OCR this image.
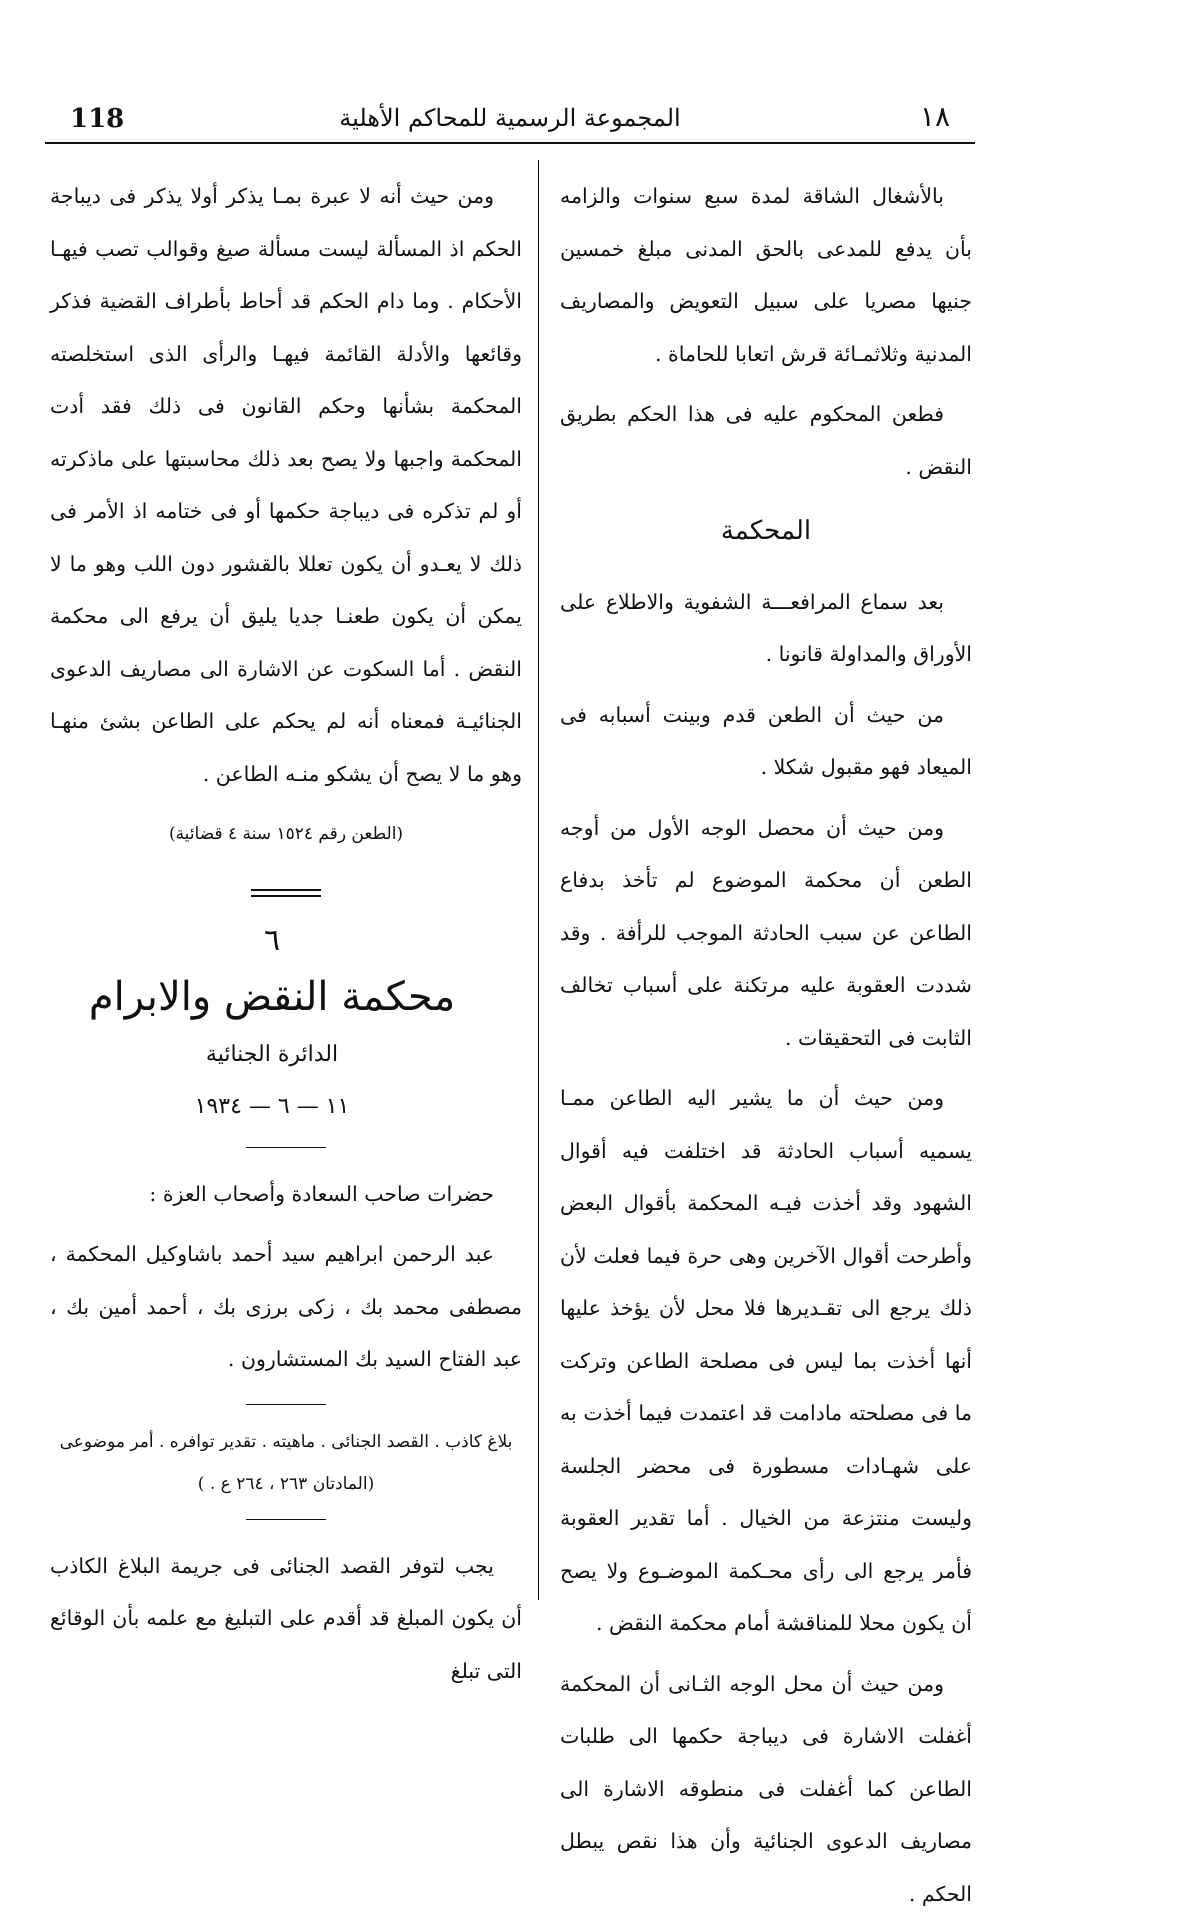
118	المجموعة الرسمية للمحاكم الأهلية	١٨

بالأشغال الشاقة لمدة سبع سنوات والزامه بأن يدفع للمدعى بالحق المدنى مبلغ خمسين جنيها مصريا على سبيل التعويض والمصاريف المدنية وثلاثمـائة قرش اتعابا للحاماة .

فطعن المحكوم عليه فى هذا الحكم بطريق النقض .

المحكمة

بعد سماع المرافعـــة الشفوية والاطلاع على الأوراق والمداولة قانونا .

من حيث أن الطعن قدم وبينت أسبابه فى الميعاد فهو مقبول شكلا .

ومن حيث أن محصل الوجه الأول من أوجه الطعن أن محكمة الموضوع لم تأخذ بدفاع الطاعن عن سبب الحادثة الموجب للرأفة . وقد شددت العقوبة عليه مرتكنة على أسباب تخالف الثابت فى التحقيقات .

ومن حيث أن ما يشير اليه الطاعن ممـا يسميه أسباب الحادثة قد اختلفت فيه أقوال الشهود وقد أخذت فيـه المحكمة بأقوال البعض وأطرحت أقوال الآخرين وهى حرة فيما فعلت لأن ذلك يرجع الى تقـديرها فلا محل لأن يؤخذ عليها أنها أخذت بما ليس فى مصلحة الطاعن وتركت ما فى مصلحته مادامت قد اعتمدت فيما أخذت به على شهـادات مسطورة فى محضر الجلسة وليست منتزعة من الخيال . أما تقدير العقوبة فأمر يرجع الى رأى محـكمة الموضـوع ولا يصح أن يكون محلا للمناقشة أمام محكمة النقض .

ومن حيث أن محل الوجه الثـانى أن المحكمة أغفلت الاشارة فى ديباجة حكمها الى طلبات الطاعن كما أغفلت فى منطوقه الاشارة الى مصاريف الدعوى الجنائية وأن هذا نقص يبطل الحكم .

ومن حيث أنه لا عبرة بمـا يذكر أولا يذكر فى ديباجة الحكم اذ المسألة ليست مسألة صيغ وقوالب تصب فيهـا الأحكام . وما دام الحكم قد أحاط بأطراف القضية فذكر وقائعها والأدلة القائمة فيهـا والرأى الذى استخلصته المحكمة بشأنها وحكم القانون فى ذلك فقد أدت المحكمة واجبها ولا يصح بعد ذلك محاسبتها على ماذكرته أو لم تذكره فى ديباجة حكمها أو فى ختامه اذ الأمر فى ذلك لا يعـدو أن يكون تعللا بالقشور دون اللب وهو ما لا يمكن أن يكون طعنـا جديا يليق أن يرفع الى محكمة النقض . أما السكوت عن الاشارة الى مصاريف الدعوى الجنائيـة فمعناه أنه لم يحكم على الطاعن بشئ منهـا وهو ما لا يصح أن يشكو منـه الطاعن .

(الطعن رقم ١٥٢٤ سنة ٤ قضائية)

٦

محكمة النقض والابرام

الدائرة الجنائية

١١ — ٦ — ١٩٣٤

حضرات صاحب السعادة وأصحاب العزة :

عبد الرحمن ابراهيم سيد أحمد باشاوكيل المحكمة ، مصطفى محمد بك ، زكى برزى بك ، أحمد أمين بك ، عبد الفتاح السيد بك المستشارون .

بلاغ كاذب . القصد الجنائى . ماهيته . تقدير توافره . أمر موضوعى

(المادتان ٢٦٣ ، ٢٦٤ ع . )

يجب لتوفر القصد الجنائى فى جريمة البلاغ الكاذب أن يكون المبلغ قد أقدم على التبليغ مع علمه بأن الوقائع التى تبلغ
